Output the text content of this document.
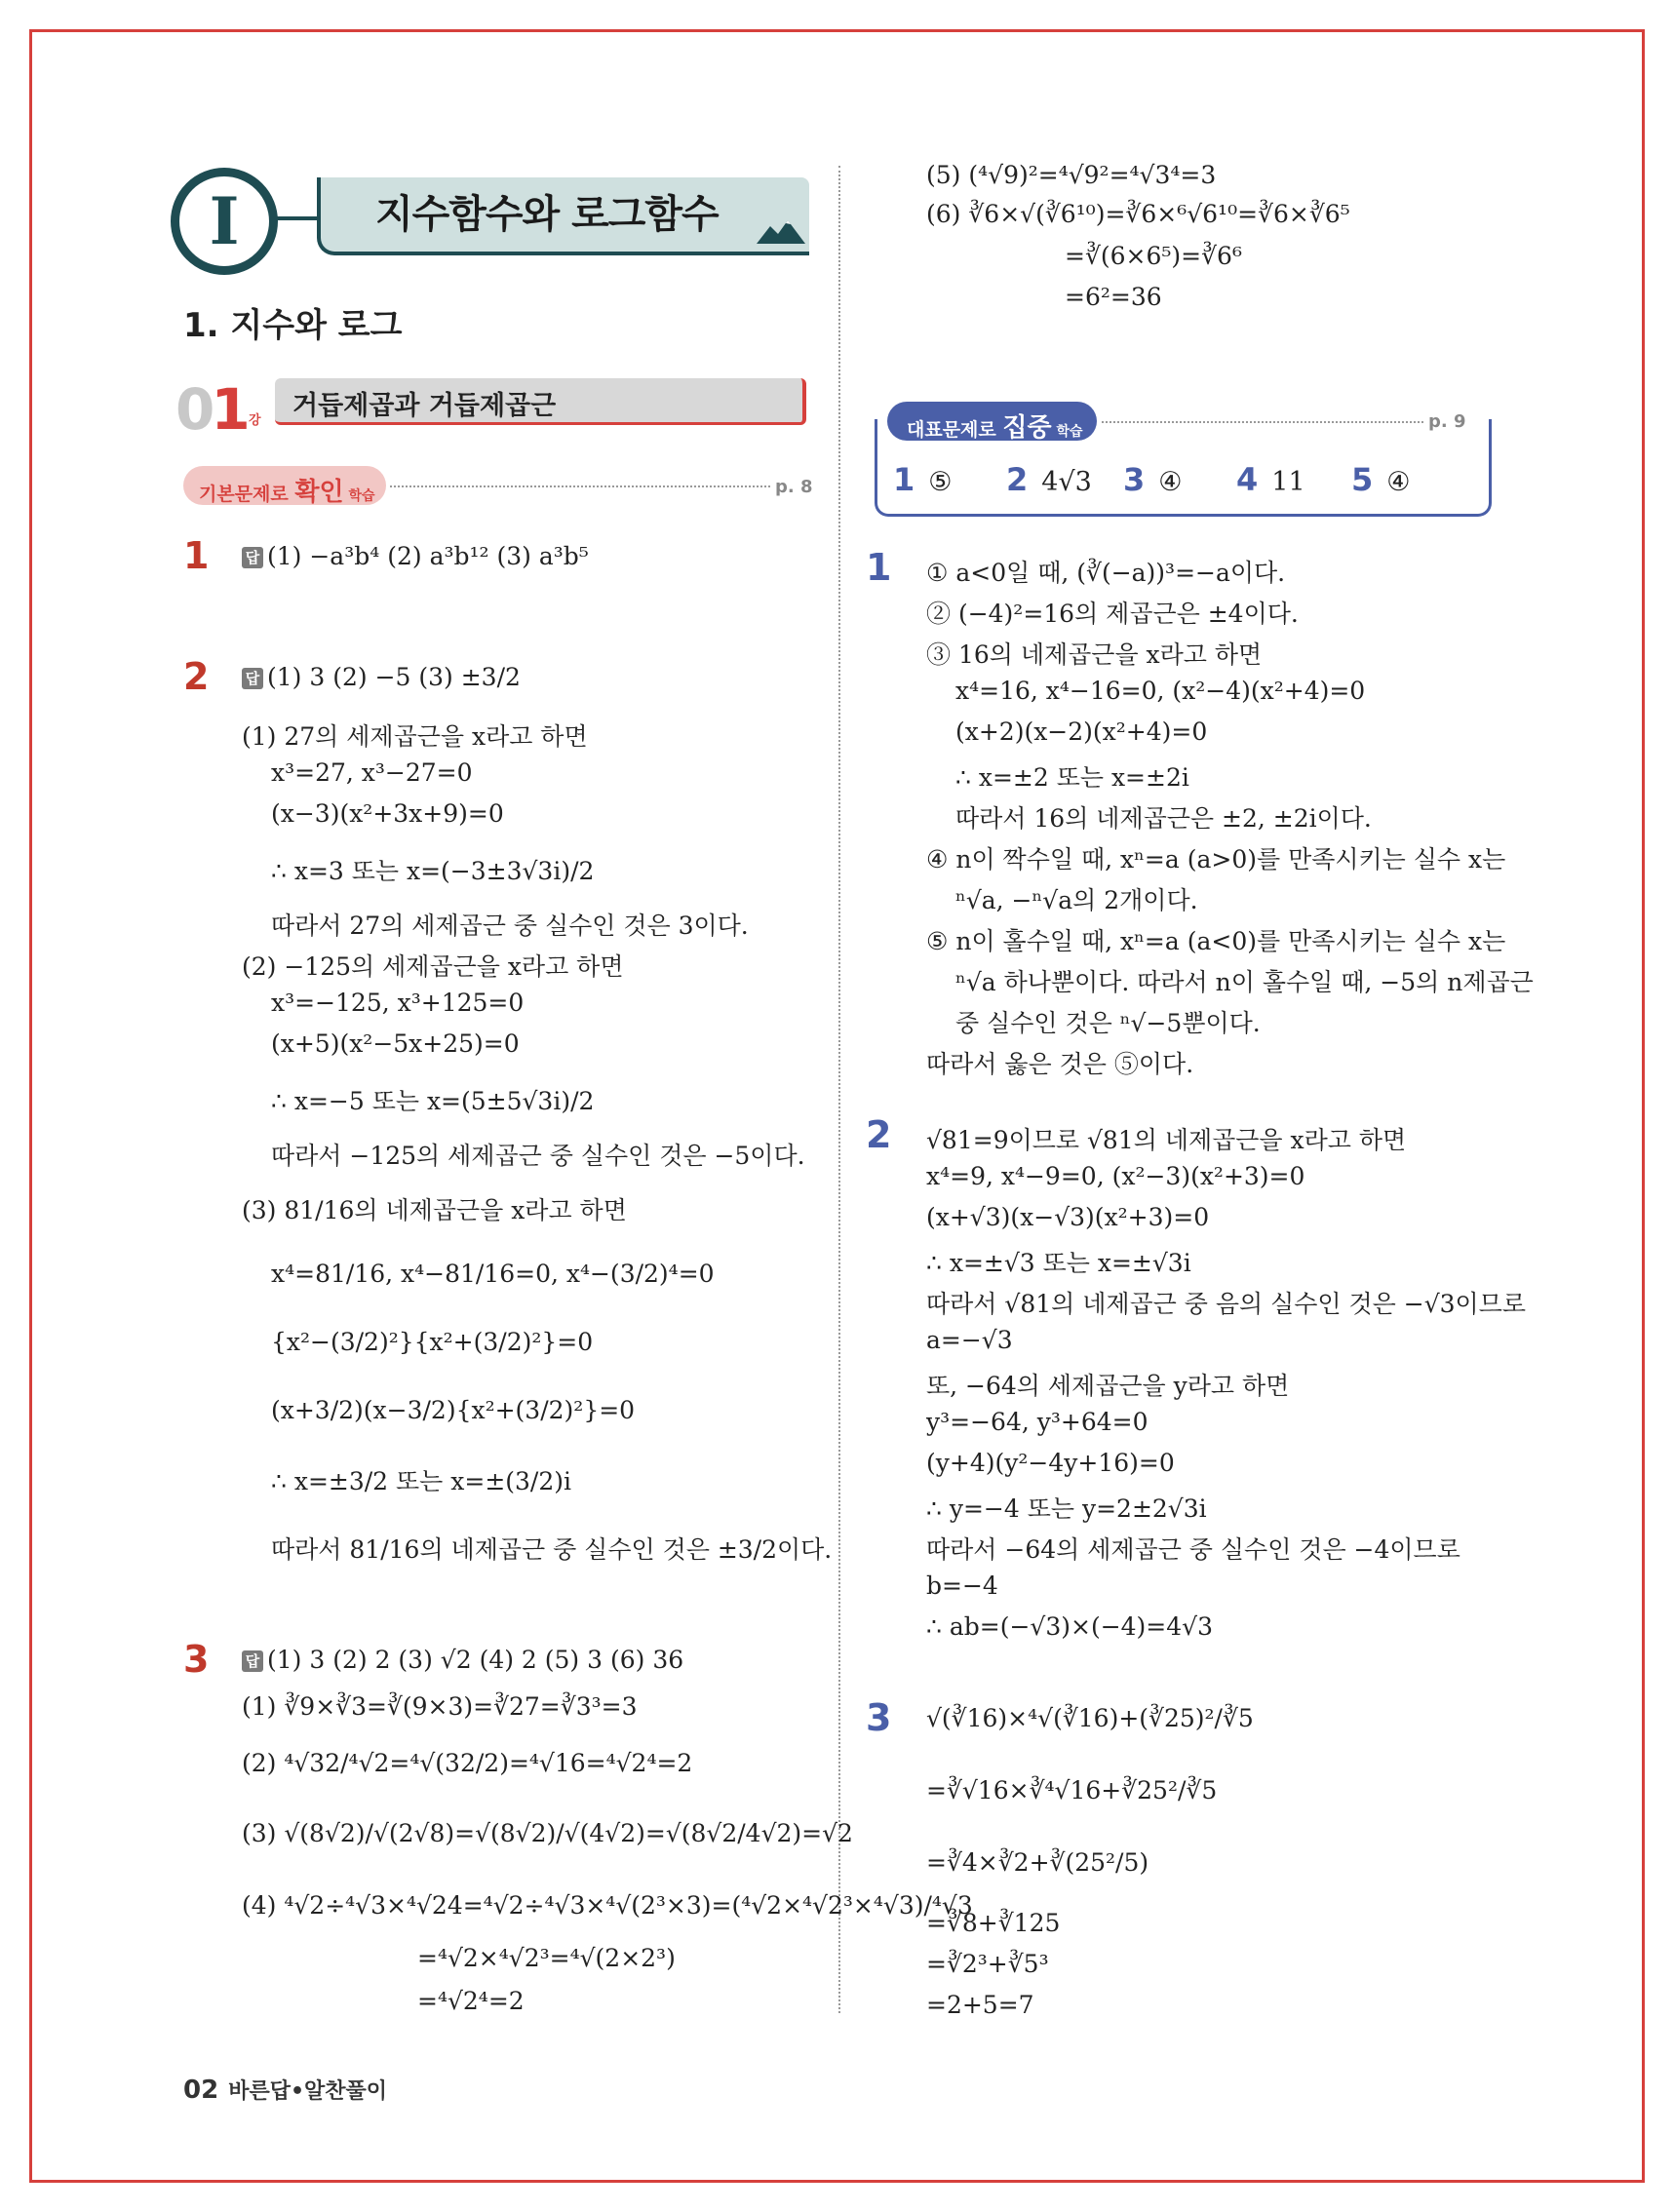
I	지수함수와 로그함수
1. 지수와 로그
01 강 거듭제곱과 거듭제곱근
기본문제로 확인 학습	p. 8
1 답 (1) −a³b⁴ (2) a³b¹² (3) a³b⁵
2 답 (1) 3 (2) −5 (3) ±3/2
(1) 27의 세제곱근을 x라고 하면
x³=27, x³−27=0
(x−3)(x²+3x+9)=0
∴ x=3 또는 x=(−3±3√3i)/2
따라서 27의 세제곱근 중 실수인 것은 3이다.
(2) −125의 세제곱근을 x라고 하면
x³=−125, x³+125=0
(x+5)(x²−5x+25)=0
∴ x=−5 또는 x=(5±5√3i)/2
따라서 −125의 세제곱근 중 실수인 것은 −5이다.
(3) 81/16의 네제곱근을 x라고 하면
x⁴=81/16, x⁴−81/16=0, x⁴−(3/2)⁴=0
{x²−(3/2)²}{x²+(3/2)²}=0
(x+3/2)(x−3/2){x²+(3/2)²}=0
∴ x=±3/2 또는 x=±(3/2)i
따라서 81/16의 네제곱근 중 실수인 것은 ±3/2이다.
3 답 (1) 3 (2) 2 (3) √2 (4) 2 (5) 3 (6) 36
(1) ∛9×∛3=∛(9×3)=∛27=∛3³=3
(2) ⁴√32/⁴√2=⁴√(32/2)=⁴√16=⁴√2⁴=2
(3) √(8√2)/√(2√8)=√(8√2)/√(4√2)=√(8√2/4√2)=√2
(4) ⁴√2÷⁴√3×⁴√24=⁴√2÷⁴√3×⁴√(2³×3)=(⁴√2×⁴√2³×⁴√3)/⁴√3
=⁴√2×⁴√2³=⁴√(2×2³)
=⁴√2⁴=2
(5) (⁴√9)²=⁴√9²=⁴√3⁴=3
(6) ∛6×√(∛6¹⁰)=∛6×⁶√6¹⁰=∛6×∛6⁵
=∛(6×6⁵)=∛6⁶
=6²=36
대표문제로 집중 학습	p. 9
1 ⑤ 2 4√3 3 ④ 4 11 5 ④
1 ① a<0일 때, (∛(−a))³=−a이다.
② (−4)²=16의 제곱근은 ±4이다.
③ 16의 네제곱근을 x라고 하면
x⁴=16, x⁴−16=0, (x²−4)(x²+4)=0
(x+2)(x−2)(x²+4)=0
∴ x=±2 또는 x=±2i
따라서 16의 네제곱근은 ±2, ±2i이다.
④ n이 짝수일 때, xⁿ=a (a>0)를 만족시키는 실수 x는
ⁿ√a, −ⁿ√a의 2개이다.
⑤ n이 홀수일 때, xⁿ=a (a<0)를 만족시키는 실수 x는
ⁿ√a 하나뿐이다. 따라서 n이 홀수일 때, −5의 n제곱근
중 실수인 것은 ⁿ√−5뿐이다.
따라서 옳은 것은 ⑤이다.
2 √81=9이므로 √81의 네제곱근을 x라고 하면
x⁴=9, x⁴−9=0, (x²−3)(x²+3)=0
(x+√3)(x−√3)(x²+3)=0
∴ x=±√3 또는 x=±√3i
따라서 √81의 네제곱근 중 음의 실수인 것은 −√3이므로
a=−√3
또, −64의 세제곱근을 y라고 하면
y³=−64, y³+64=0
(y+4)(y²−4y+16)=0
∴ y=−4 또는 y=2±2√3i
따라서 −64의 세제곱근 중 실수인 것은 −4이므로
b=−4
∴ ab=(−√3)×(−4)=4√3
3 √(∛16)×⁴√(∛16)+(∛25)²/∛5
=∛√16×∛⁴√16+∛25²/∛5
=∛4×∛2+∛(25²/5)
=∛8+∛125
=∛2³+∛5³
=2+5=7
02 바른답•알찬풀이
